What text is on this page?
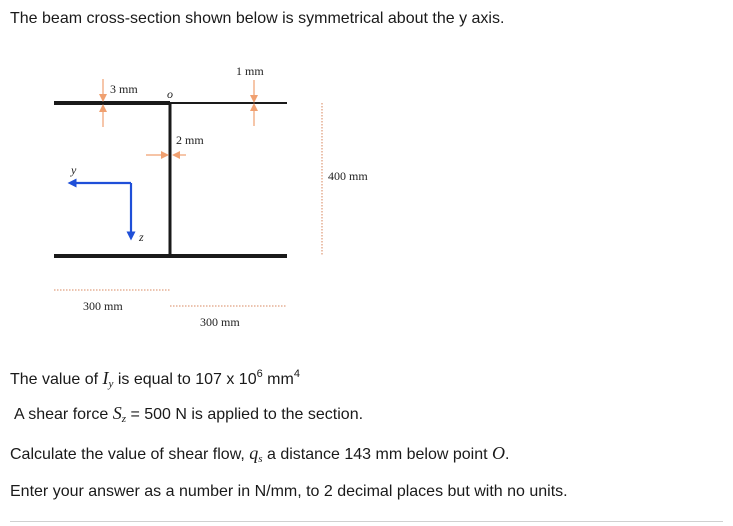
The beam cross-section shown below is symmetrical about the y axis.
3 mm
1 mm
2 mm
400 mm
300 mm
300 mm
o
y
z
The value of $I_y$ is equal to 107 x $10^6$ $mm^4$
A shear force $S_z = 500$ N is applied to the section.
Calculate the value of shear flow, $q_s$ a distance 143 mm below point O.
Enter your answer as a number in N/mm, to 2 decimal places but with no units.
